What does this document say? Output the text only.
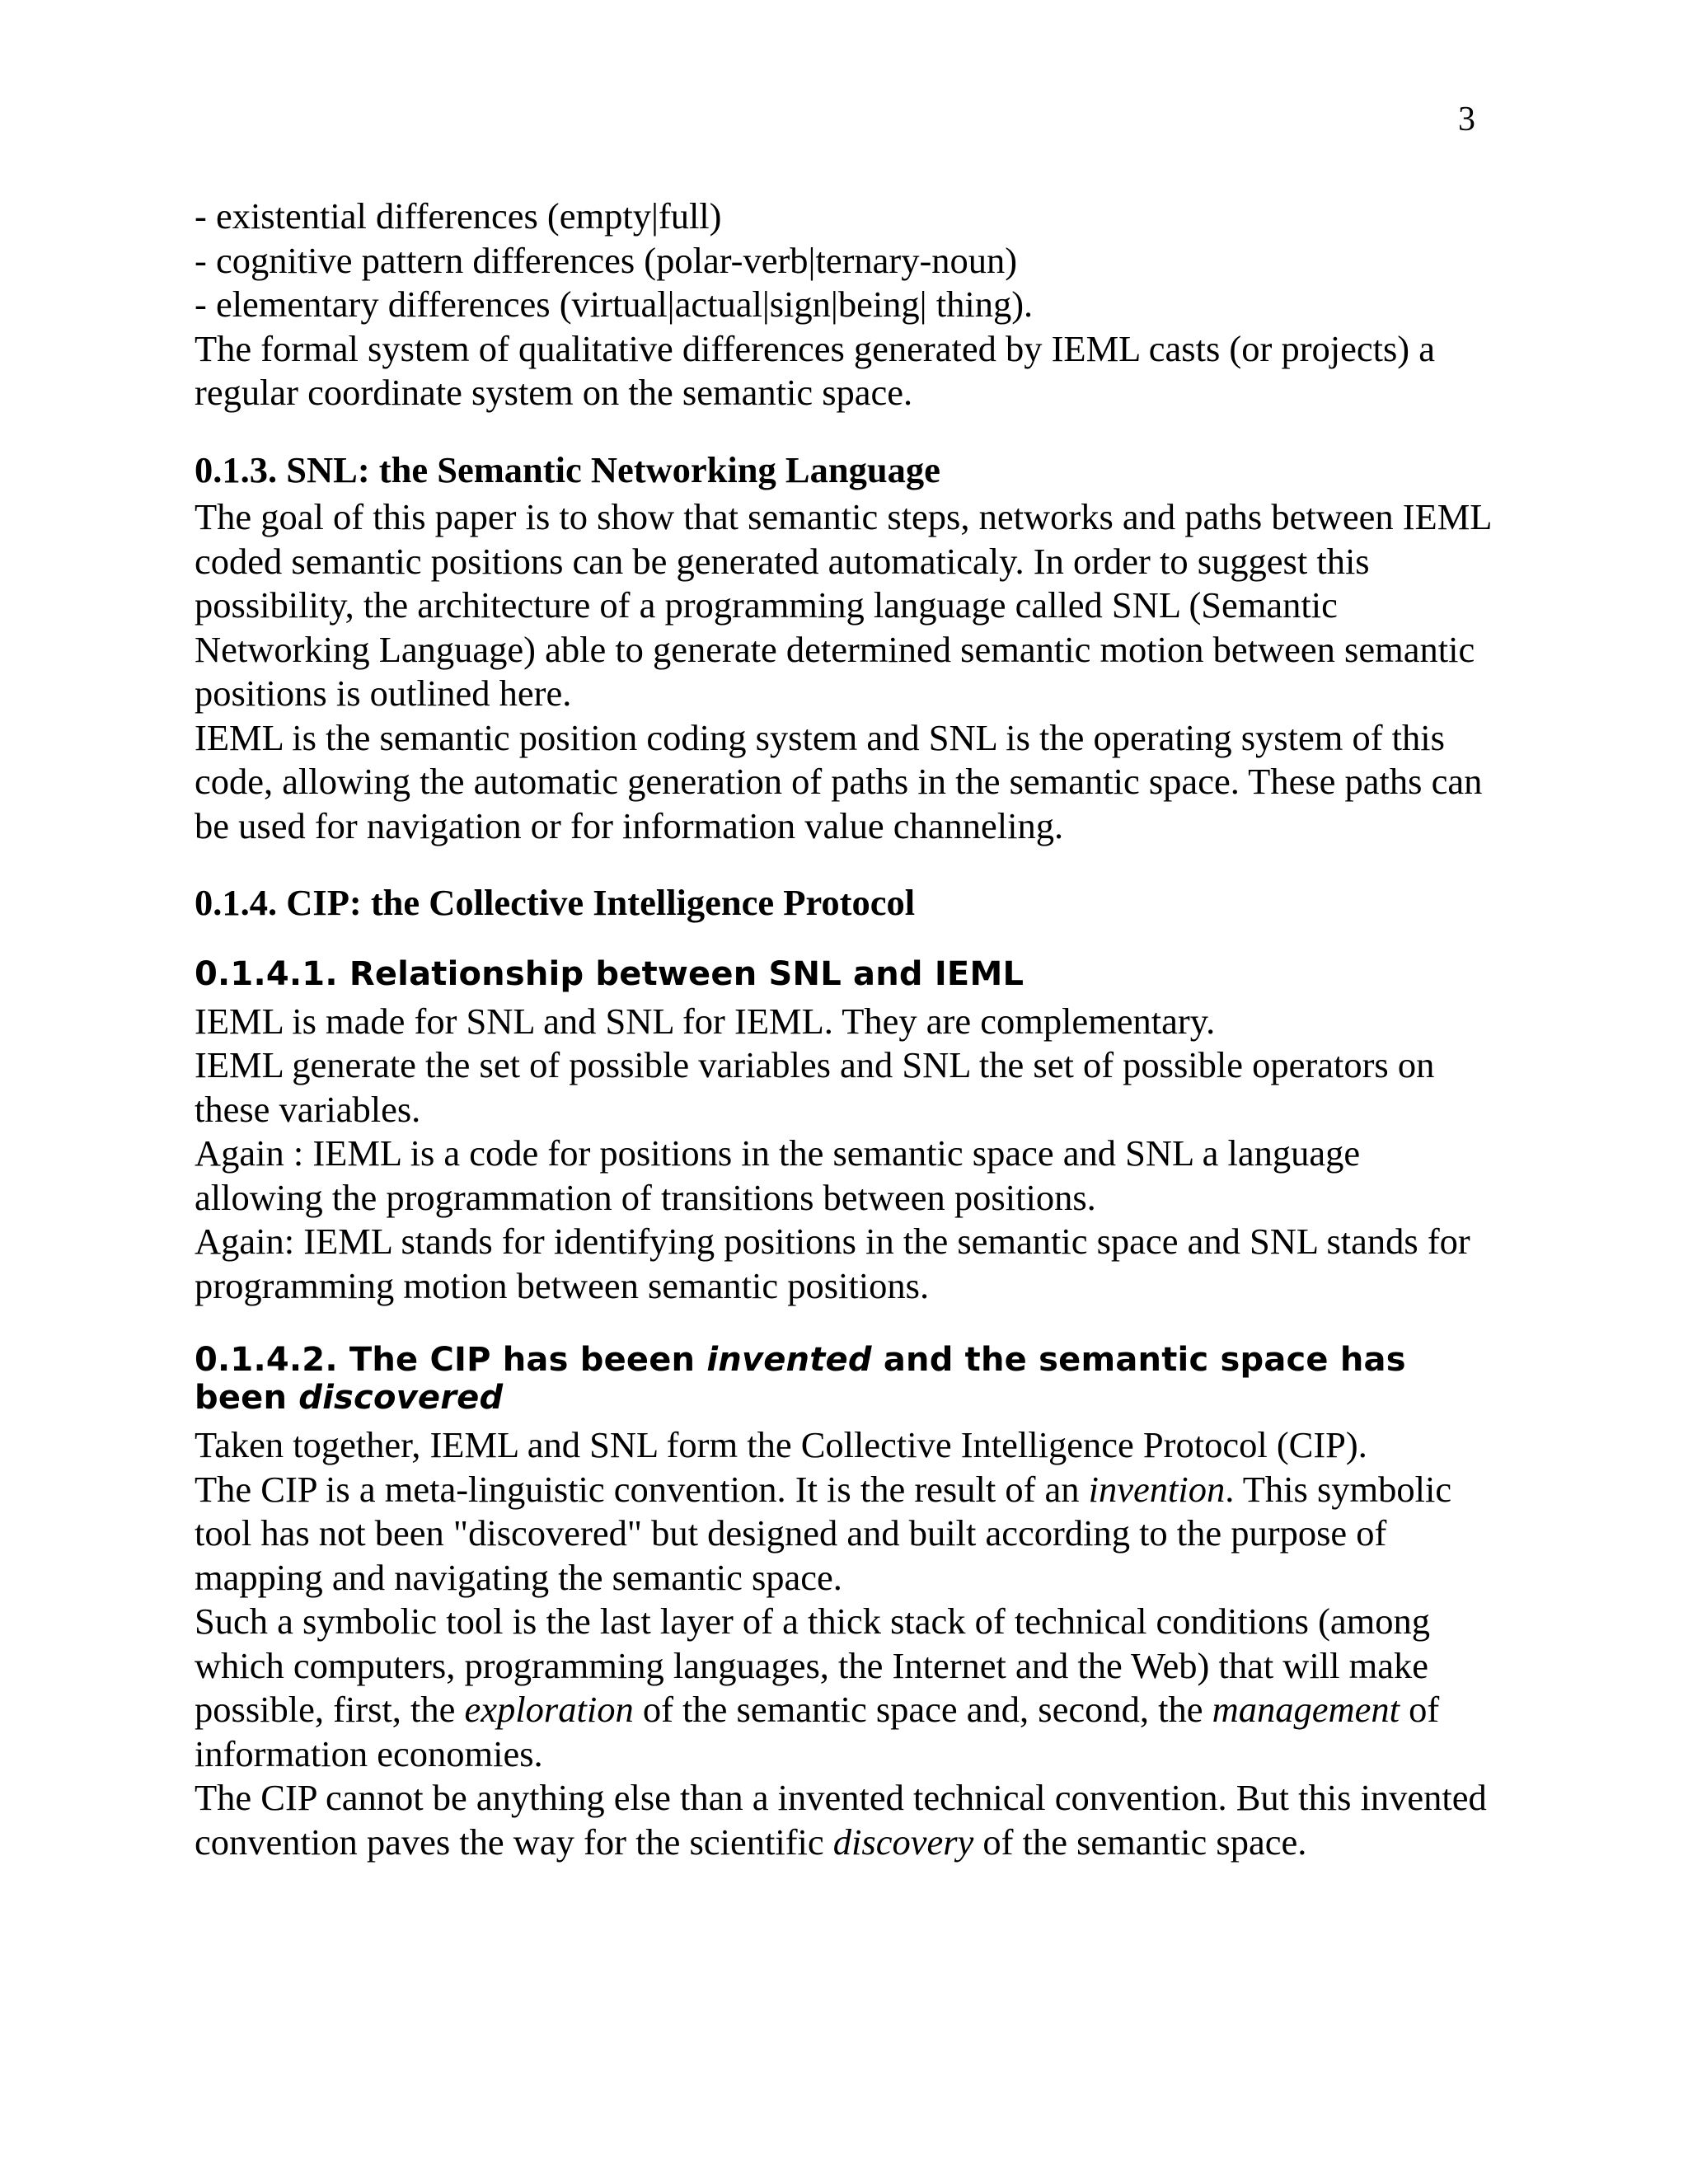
3

- existential differences (empty|full)

- cognitive pattern differences (polar-verb|ternary-noun)

- elementary differences (virtual|actual|sign|being| thing).

The formal system of qualitative differences generated by IEML casts (or projects) a regular coordinate system on the semantic space.

0.1.3. SNL: the Semantic Networking Language

The goal of this paper is to show that semantic steps, networks and paths between IEML coded semantic positions can be generated automaticaly. In order to suggest this possibility, the architecture of a programming language called SNL (Semantic Networking Language) able to generate determined semantic motion between semantic positions is outlined here.

IEML is the semantic position coding system and SNL is the operating system of this code, allowing the automatic generation of paths in the semantic space. These paths can be used for navigation or for information value channeling.

0.1.4. CIP: the Collective Intelligence Protocol
0.1.4.1. Relationship between SNL and IEML

IEML is made for SNL and SNL for IEML. They are complementary.

IEML generate the set of possible variables and SNL the set of possible operators on these variables.

Again : IEML is a code for positions in the semantic space and SNL a language allowing the programmation of transitions between positions.

Again: IEML stands for identifying positions in the semantic space and SNL stands for programming motion between semantic positions.

0.1.4.2. The CIP has beeen invented and the semantic space has been discovered

Taken together, IEML and SNL form the Collective Intelligence Protocol (CIP).

The CIP is a meta-linguistic convention. It is the result of an invention. This symbolic tool has not been "discovered" but designed and built according to the purpose of mapping and navigating the semantic space.

Such a symbolic tool is the last layer of a thick stack of technical conditions (among which computers, programming languages, the Internet and the Web) that will make possible, first, the exploration of the semantic space and, second, the management of information economies.

The CIP cannot be anything else than a invented technical convention. But this invented convention paves the way for the scientific discovery of the semantic space.
